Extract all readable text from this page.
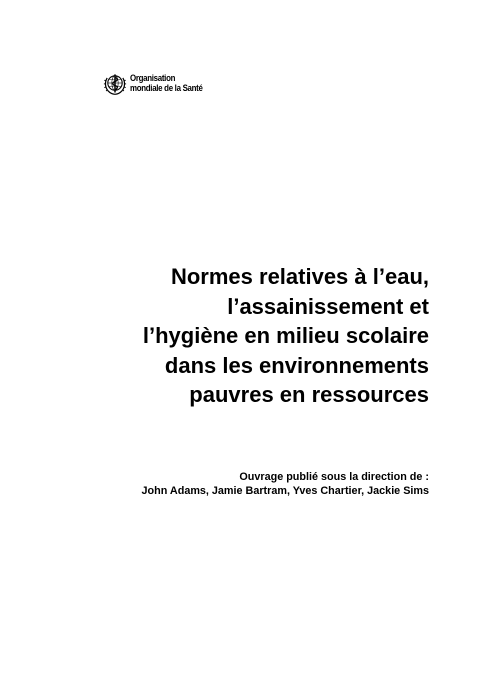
Organisation
mondiale de la Santé
Normes relatives à l’eau,
l’assainissement et
l’hygiène en milieu scolaire
dans les environnements
pauvres en ressources
Ouvrage publié sous la direction de :
John Adams, Jamie Bartram, Yves Chartier, Jackie Sims
